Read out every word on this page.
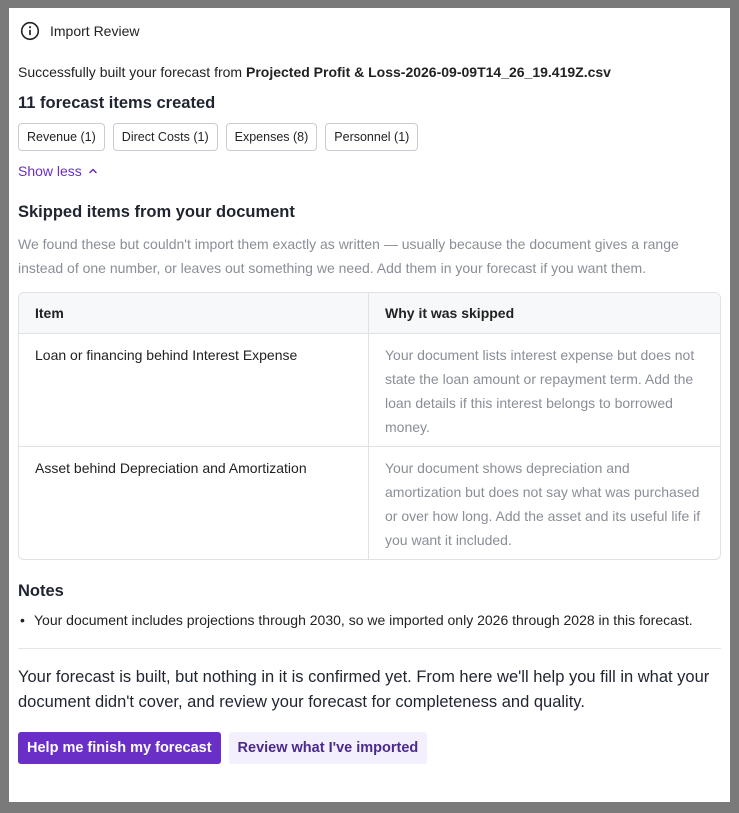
Import Review
Successfully built your forecast from Projected Profit & Loss-2026-09-09T14_26_19.419Z.csv
11 forecast items created
Revenue (1)	Direct Costs (1)	Expenses (8)	Personnel (1)
Show less
Skipped items from your document
We found these but couldn't import them exactly as written — usually because the document gives a range instead of one number, or leaves out something we need. Add them in your forecast if you want them.
Item	Why it was skipped
Loan or financing behind Interest Expense	Your document lists interest expense but does not state the loan amount or repayment term. Add the loan details if this interest belongs to borrowed money.
Asset behind Depreciation and Amortization	Your document shows depreciation and amortization but does not say what was purchased or over how long. Add the asset and its useful life if you want it included.
Notes
• Your document includes projections through 2030, so we imported only 2026 through 2028 in this forecast.
Your forecast is built, but nothing in it is confirmed yet. From here we'll help you fill in what your document didn't cover, and review your forecast for completeness and quality.
Help me finish my forecast	Review what I've imported
